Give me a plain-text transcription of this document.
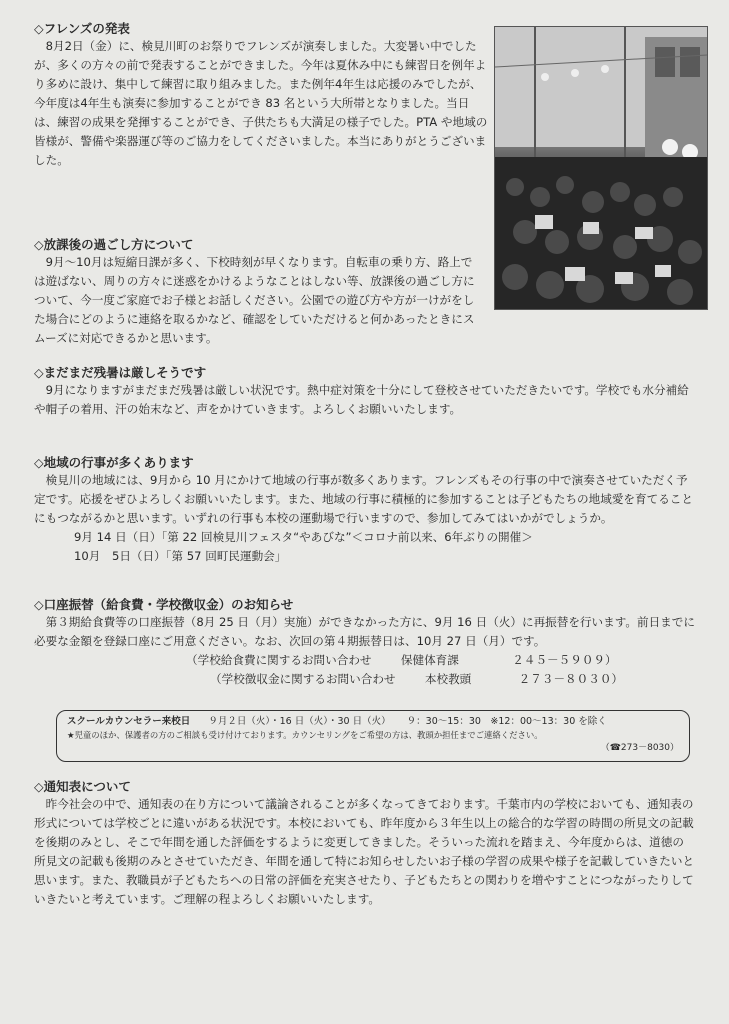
◇フレンズの発表

8月2日（金）に、検見川町のお祭りでフレンズが演奏しました。大変暑い中でしたが、多くの方々の前で発表することができました。今年は夏休み中にも練習日を例年より多めに設け、集中して練習に取り組みました。また例年4年生は応援のみでしたが、今年度は4年生も演奏に参加することができ 83 名という大所帯となりました。当日は、練習の成果を発揮することができ、子供たちも大満足の様子でした。PTA や地域の皆様が、警備や楽器運び等のご協力をしてくださいました。本当にありがとうございました。

◇放課後の過ごし方について

9月～10月は短縮日課が多く、下校時刻が早くなります。自転車の乗り方、路上では遊ばない、周りの方々に迷惑をかけるようなことはしない等、放課後の過ごし方について、今一度ご家庭でお子様とお話しください。公園での遊び方や方が一けがをした場合にどのように連絡を取るかなど、確認をしていただけると何かあったときにスムーズに対応できるかと思います。

◇まだまだ残暑は厳しそうです

9月になりますがまだまだ残暑は厳しい状況です。熱中症対策を十分にして登校させていただきたいです。学校でも水分補給や帽子の着用、汗の始末など、声をかけていきます。よろしくお願いいたします。

◇地域の行事が多くあります

検見川の地域には、9月から 10 月にかけて地域の行事が数多くあります。フレンズもその行事の中で演奏させていただく予定です。応援をぜひよろしくお願いいたします。また、地域の行事に積極的に参加することは子どもたちの地域愛を育てることにもつながるかと思います。いずれの行事も本校の運動場で行いますので、参加してみてはいかがでしょうか。

9月 14 日（日）「第 22 回検見川フェスタ“やあびな”＜コロナ前以来、6年ぶりの開催＞

10月　5日（日）「第 57 回町民運動会」

◇口座振替（給食費・学校徴収金）のお知らせ

第３期給食費等の口座振替（8月 25 日（月）実施）ができなかった方に、9月 16 日（火）に再振替を行います。前日までに必要な金額を登録口座にご用意ください。なお、次回の第４期振替日は、10月 27 日（月）です。

（学校給食費に関するお問い合わせ	保健体育課	２４５－５９０９）

（学校徴収金に関するお問い合わせ	本校教頭	２７３－８０３０）

スクールカウンセラー来校日 ９月２日（火）・16 日（火）・30 日（火） ９：30～15：30　※12：00～13：30 を除く
★児童のほか、保護者の方のご相談も受け付けております。カウンセリングをご希望の方は、教頭か担任までご連絡ください。
（☎273－8030）

◇通知表について

昨今社会の中で、通知表の在り方について議論されることが多くなってきております。千葉市内の学校においても、通知表の形式については学校ごとに違いがある状況です。本校においても、昨年度から３年生以上の総合的な学習の時間の所見文の記載を後期のみとし、そこで年間を通した評価をするように変更してきました。そういった流れを踏まえ、今年度からは、道徳の所見文の記載も後期のみとさせていただき、年間を通して特にお知らせしたいお子様の学習の成果や様子を記載していきたいと思います。また、教職員が子どもたちへの日常の評価を充実させたり、子どもたちとの関わりを増やすことにつながったりしていきたいと考えています。ご理解の程よろしくお願いいたします。
